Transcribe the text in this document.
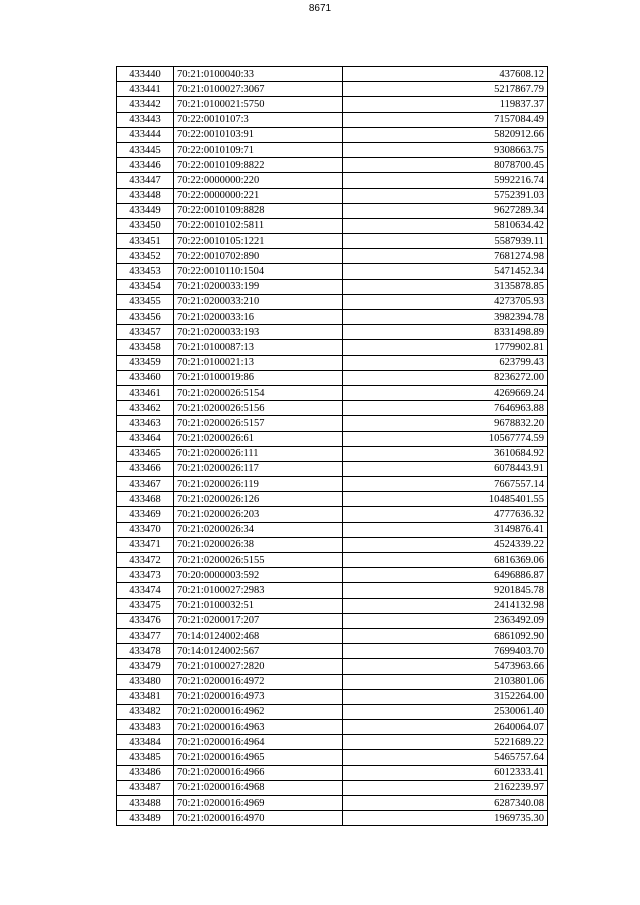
8671
433440	70:21:0100040:33	437608.12
433441	70:21:0100027:3067	5217867.79
433442	70:21:0100021:5750	119837.37
433443	70:22:0010107:3	7157084.49
433444	70:22:0010103:91	5820912.66
433445	70:22:0010109:71	9308663.75
433446	70:22:0010109:8822	8078700.45
433447	70:22:0000000:220	5992216.74
433448	70:22:0000000:221	5752391.03
433449	70:22:0010109:8828	9627289.34
433450	70:22:0010102:5811	5810634.42
433451	70:22:0010105:1221	5587939.11
433452	70:22:0010702:890	7681274.98
433453	70:22:0010110:1504	5471452.34
433454	70:21:0200033:199	3135878.85
433455	70:21:0200033:210	4273705.93
433456	70:21:0200033:16	3982394.78
433457	70:21:0200033:193	8331498.89
433458	70:21:0100087:13	1779902.81
433459	70:21:0100021:13	623799.43
433460	70:21:0100019:86	8236272.00
433461	70:21:0200026:5154	4269669.24
433462	70:21:0200026:5156	7646963.88
433463	70:21:0200026:5157	9678832.20
433464	70:21:0200026:61	10567774.59
433465	70:21:0200026:111	3610684.92
433466	70:21:0200026:117	6078443.91
433467	70:21:0200026:119	7667557.14
433468	70:21:0200026:126	10485401.55
433469	70:21:0200026:203	4777636.32
433470	70:21:0200026:34	3149876.41
433471	70:21:0200026:38	4524339.22
433472	70:21:0200026:5155	6816369.06
433473	70:20:0000003:592	6496886.87
433474	70:21:0100027:2983	9201845.78
433475	70:21:0100032:51	2414132.98
433476	70:21:0200017:207	2363492.09
433477	70:14:0124002:468	6861092.90
433478	70:14:0124002:567	7699403.70
433479	70:21:0100027:2820	5473963.66
433480	70:21:0200016:4972	2103801.06
433481	70:21:0200016:4973	3152264.00
433482	70:21:0200016:4962	2530061.40
433483	70:21:0200016:4963	2640064.07
433484	70:21:0200016:4964	5221689.22
433485	70:21:0200016:4965	5465757.64
433486	70:21:0200016:4966	6012333.41
433487	70:21:0200016:4968	2162239.97
433488	70:21:0200016:4969	6287340.08
433489	70:21:0200016:4970	1969735.30
